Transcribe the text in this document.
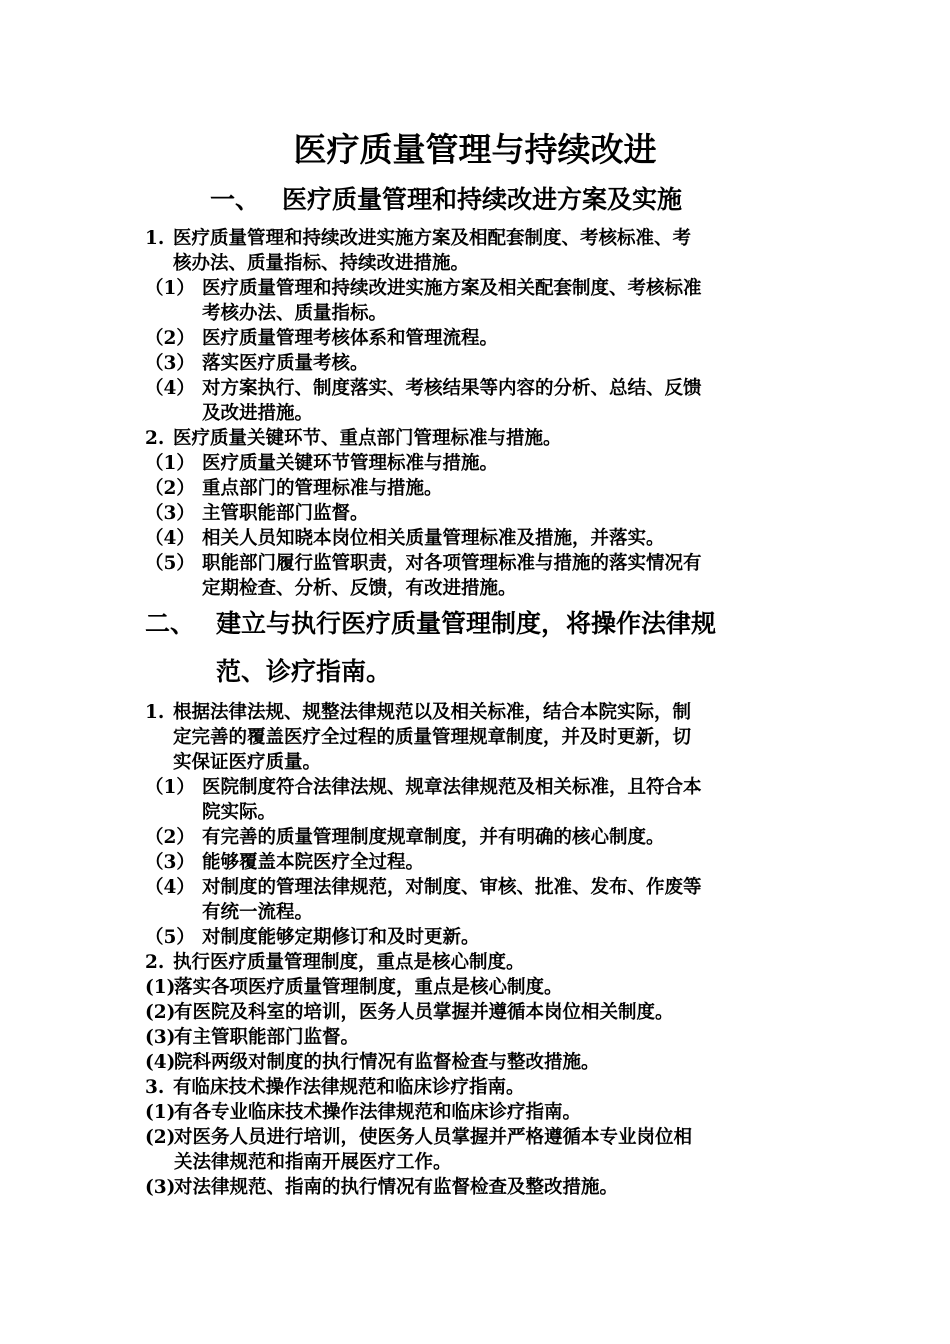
医疗质量管理与持续改进
一、 医疗质量管理和持续改进方案及实施
1. 医疗质量管理和持续改进实施方案及相配套制度、考核标准、考
核办法、质量指标、持续改进措施。
（1） 医疗质量管理和持续改进实施方案及相关配套制度、考核标准
考核办法、质量指标。
（2） 医疗质量管理考核体系和管理流程。
（3） 落实医疗质量考核。
（4） 对方案执行、制度落实、考核结果等内容的分析、总结、反馈
及改进措施。
2. 医疗质量关键环节、重点部门管理标准与措施。
（1） 医疗质量关键环节管理标准与措施。
（2） 重点部门的管理标准与措施。
（3） 主管职能部门监督。
（4） 相关人员知晓本岗位相关质量管理标准及措施，并落实。
（5） 职能部门履行监管职责，对各项管理标准与措施的落实情况有
定期检查、分析、反馈，有改进措施。
二、 建立与执行医疗质量管理制度，将操作法律规
范、诊疗指南。
1. 根据法律法规、规整法律规范以及相关标准，结合本院实际，制
定完善的覆盖医疗全过程的质量管理规章制度，并及时更新，切
实保证医疗质量。
（1） 医院制度符合法律法规、规章法律规范及相关标准，且符合本
院实际。
（2） 有完善的质量管理制度规章制度，并有明确的核心制度。
（3） 能够覆盖本院医疗全过程。
（4） 对制度的管理法律规范，对制度、审核、批准、发布、作废等
有统一流程。
（5） 对制度能够定期修订和及时更新。
2. 执行医疗质量管理制度，重点是核心制度。
(1)落实各项医疗质量管理制度，重点是核心制度。
(2)有医院及科室的培训，医务人员掌握并遵循本岗位相关制度。
(3)有主管职能部门监督。
(4)院科两级对制度的执行情况有监督检查与整改措施。
3. 有临床技术操作法律规范和临床诊疗指南。
(1)有各专业临床技术操作法律规范和临床诊疗指南。
(2)对医务人员进行培训，使医务人员掌握并严格遵循本专业岗位相
关法律规范和指南开展医疗工作。
(3)对法律规范、指南的执行情况有监督检查及整改措施。
